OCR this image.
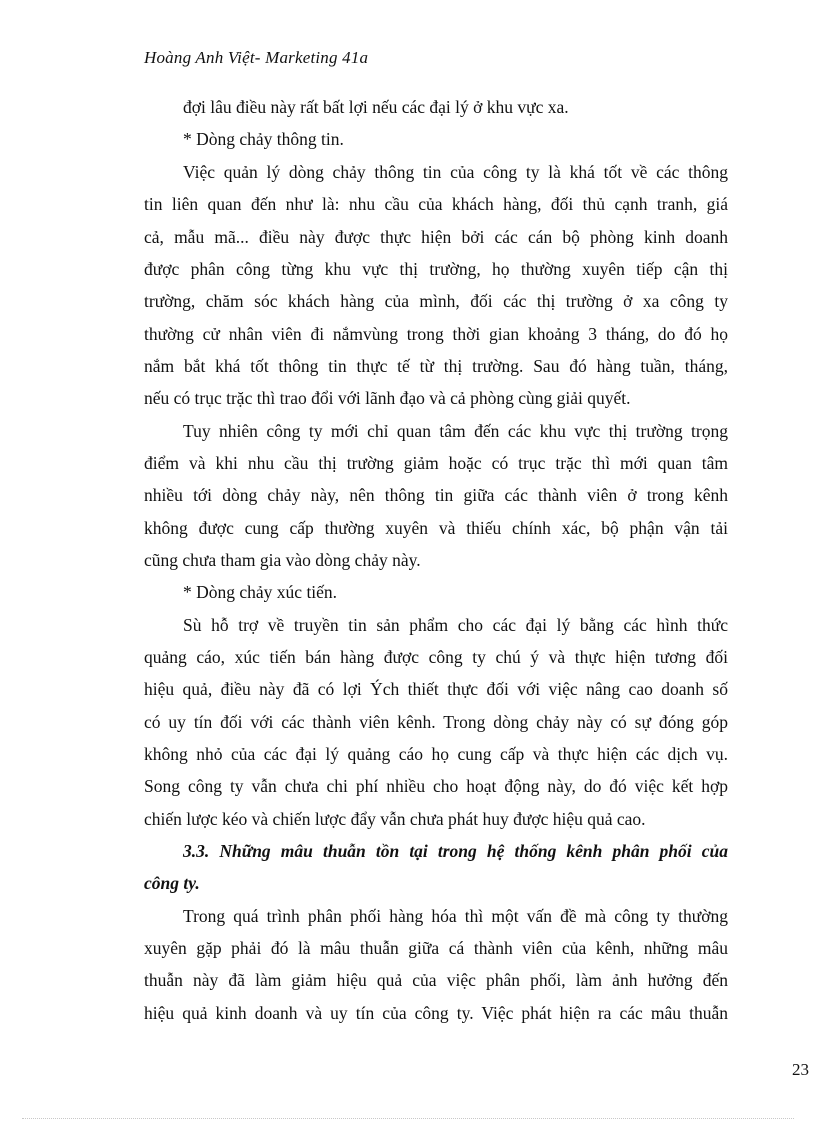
Hoàng Anh Việt- Marketing 41a
đợi lâu điều này rất bất lợi nếu các đại lý ở khu vực xa.
* Dòng chảy thông tin.
Việc quản lý dòng chảy thông tin của công ty là khá tốt về các thông
tin liên quan đến như là: nhu cầu của khách hàng, đối thủ cạnh tranh, giá
cả, mẫu mã... điều này được thực hiện bởi các cán bộ phòng kinh doanh
được phân công từng khu vực thị trường, họ thường xuyên tiếp cận thị
trường, chăm sóc khách hàng của mình, đối các thị trường ở xa công ty
thường cử nhân viên đi nắmvùng trong thời gian khoảng 3 tháng, do đó họ
nắm bắt khá tốt thông tin thực tế từ thị trường. Sau đó hàng tuần, tháng,
nếu có trục trặc thì trao đổi với lãnh đạo và cả phòng cùng giải quyết.
Tuy nhiên công ty mới chỉ quan tâm đến các khu vực thị trường trọng
điểm và khi nhu cầu thị trường giảm hoặc có trục trặc thì mới quan tâm
nhiều tới dòng chảy này, nên thông tin giữa các thành viên ở trong kênh
không được cung cấp thường xuyên và thiếu chính xác, bộ phận vận tải
cũng chưa tham gia vào dòng chảy này.
* Dòng chảy xúc tiến.
Sù hỗ trợ về truyền tin sản phẩm cho các đại lý bằng các hình thức
quảng cáo, xúc tiến bán hàng được công ty chú ý và thực hiện tương đối
hiệu quả, điều này đã có lợi Ých thiết thực đối với việc nâng cao doanh số
có uy tín đối với các thành viên kênh. Trong dòng chảy này có sự đóng góp
không nhỏ của các đại lý quảng cáo họ cung cấp và thực hiện các dịch vụ.
Song công ty vẫn chưa chi phí nhiều cho hoạt động này, do đó việc kết hợp
chiến lược kéo và chiến lược đẩy vẫn chưa phát huy được hiệu quả cao.
3.3. Những mâu thuẫn tồn tại trong hệ thống kênh phân phối của
công ty.
Trong quá trình phân phối hàng hóa thì một vấn đề mà công ty thường
xuyên gặp phải đó là mâu thuẫn giữa cá thành viên của kênh, những mâu
thuẫn này đã làm giảm hiệu quả của việc phân phối, làm ảnh hưởng đến
hiệu quả kinh doanh và uy tín của công ty. Việc phát hiện ra các mâu thuẫn
23
